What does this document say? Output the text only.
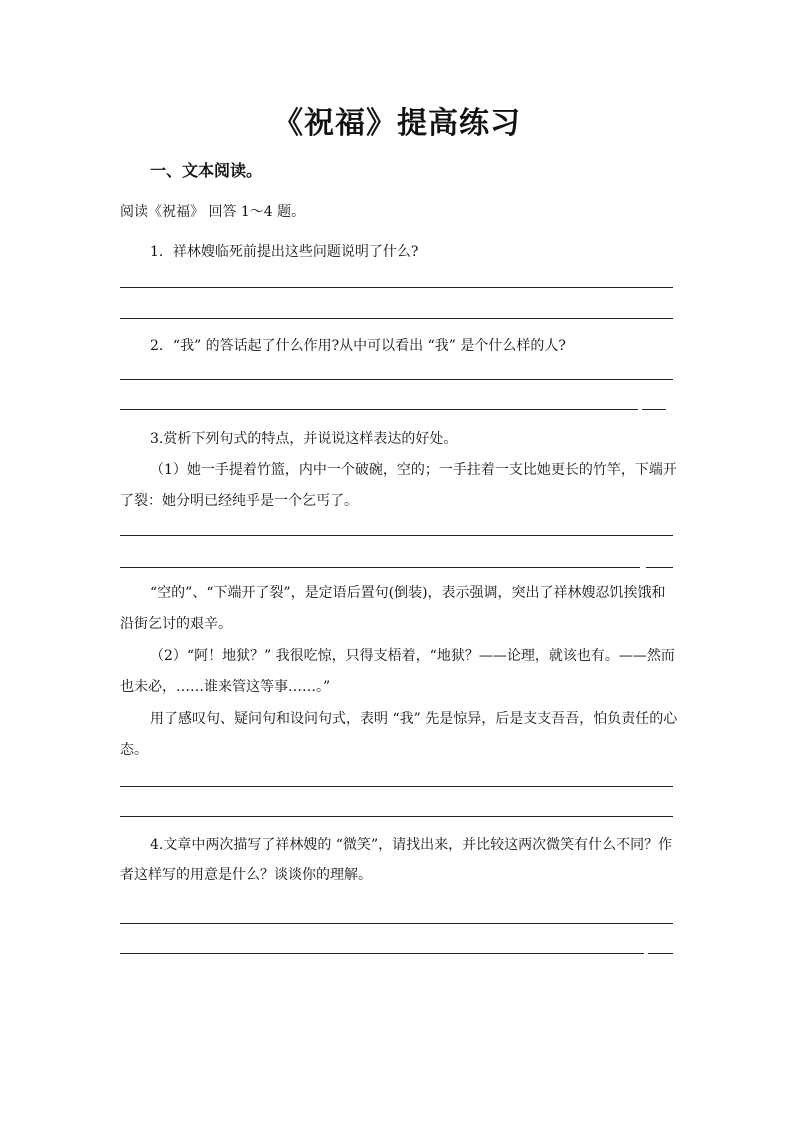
《祝福》提高练习
一、文本阅读。
阅读《祝福》 回答 1～4 题。
1．祥林嫂临死前提出这些问题说明了什么?
2．“我” 的答话起了什么作用?从中可以看出 “我” 是个什么样的人?
3.赏析下列句式的特点，并说说这样表达的好处。
（1）她一手提着竹篮，内中一个破碗，空的；一手拄着一支比她更长的竹竿，下端开
了裂：她分明已经纯乎是一个乞丐了。
“空的”、“下端开了裂”，是定语后置句(倒装)，表示强调，突出了祥林嫂忍饥挨饿和
沿街乞讨的艰辛。
（2）“阿！地狱？” 我很吃惊，只得支梧着，“地狱？——论理，就该也有。——然而
也未必，……谁来管这等事……。”
用了感叹句、疑问句和设问句式，表明 “我” 先是惊异，后是支支吾吾，怕负责任的心
态。
4.文章中两次描写了祥林嫂的 “微笑”，请找出来，并比较这两次微笑有什么不同？作
者这样写的用意是什么？谈谈你的理解。
